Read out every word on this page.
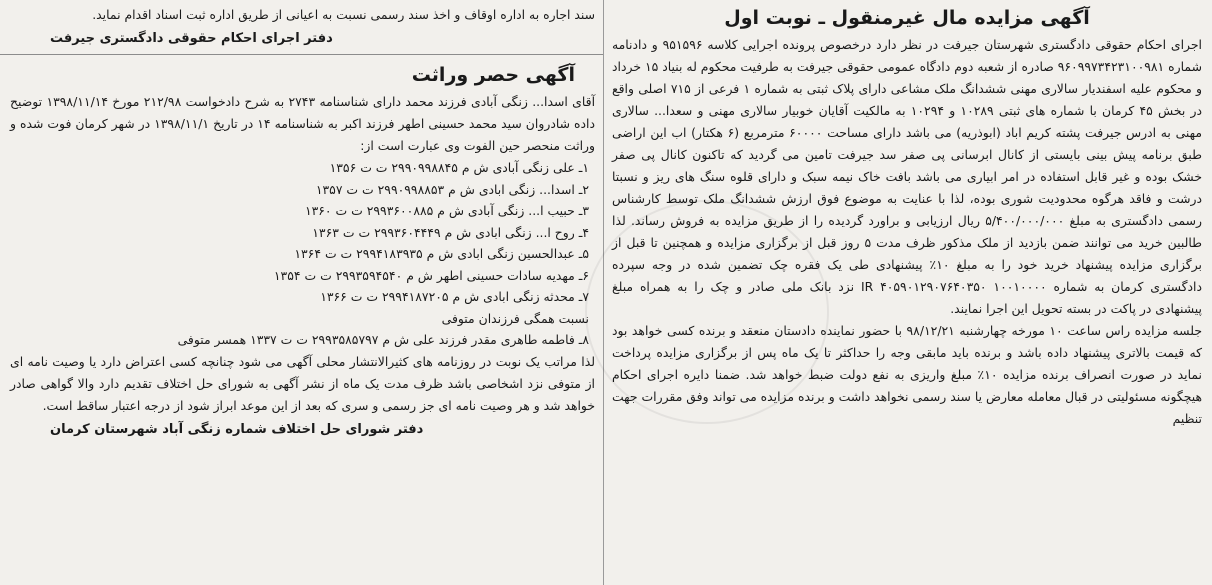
آگهی مزایده مال غیرمنقول ـ نوبت اول

اجرای احکام حقوقی دادگستری شهرستان جیرفت در نظر دارد درخصوص پرونده اجرایی کلاسه ۹۵۱۵۹۶ و دادنامه شماره ۹۶۰۹۹۷۳۴۲۳۱۰۰۹۸۱ صادره از شعبه دوم دادگاه عمومی حقوقی جیرفت به طرفیت محکوم له بنیاد ۱۵ خرداد و محکوم علیه اسفندیار سالاری مهنی ششدانگ ملک مشاعی دارای پلاک ثبتی به شماره ۱ فرعی از ۷۱۵ اصلی واقع در بخش ۴۵ کرمان با شماره های ثبتی ۱۰۲۸۹ و ۱۰۲۹۴ به مالکیت آقایان خوبیار سالاری مهنی و سعدا... سالاری مهنی به ادرس جیرفت پشته کریم اباد (ابوذریه) می باشد دارای مساحت ۶۰۰۰۰ مترمربع (۶ هکتار) اب این اراضی طبق برنامه پیش بینی بایستی از کانال ابرسانی پی صفر سد جیرفت تامین می گردید که تاکنون کانال پی صفر خشک بوده و غیر قابل استفاده در امر ابیاری می باشد بافت خاک نیمه سبک و دارای قلوه سنگ های ریز و نسبتا درشت و فاقد هرگوه محدودیت شوری بوده، لذا با عنایت به موضوع فوق ارزش ششدانگ ملک توسط کارشناس رسمی دادگستری به مبلغ ۵/۴۰۰/۰۰۰/۰۰۰ ریال ارزیابی و براورد گردیده را از طریق مزایده به فروش رساند. لذا طالبین خرید می توانند ضمن بازدید از ملک مذکور ظرف مدت ۵ روز قبل از برگزاری مزایده و همچنین تا قبل از برگزاری مزایده پیشنهاد خرید خود را به مبلغ ۱۰٪ پیشنهادی طی یک فقره چک تضمین شده در وجه سپرده دادگستری کرمان به شماره IR ۴۰۵۹۰۱۲۹۰۷۶۴۰۳۵۰ ۱۰۰۱۰۰۰۰ نزد بانک ملی صادر و چک را به همراه مبلغ پیشنهادی در پاکت در بسته تحویل این اجرا نمایند.

جلسه مزایده راس ساعت ۱۰ مورخه چهارشنبه ۹۸/۱۲/۲۱ با حضور نماینده دادستان منعقد و برنده کسی خواهد بود که قیمت بالاتری پیشنهاد داده باشد و برنده باید مابقی وجه را حداکثر تا یک ماه پس از برگزاری مزایده پرداخت نماید در صورت انصراف برنده مزایده ۱۰٪ مبلغ واریزی به نفع دولت ضبط خواهد شد. ضمنا دایره اجرای احکام هیچگونه مسئولیتی در قبال معامله معارض یا سند رسمی نخواهد داشت و برنده مزایده می تواند وفق مقررات جهت تنظیم

سند اجاره به اداره اوقاف و اخذ سند رسمی نسبت به اعیانی از طریق اداره ثبت اسناد اقدام نماید.

دفتر اجرای احکام حقوقی دادگستری جیرفت
آگهی حصر وراثت

آقای اسدا... زنگی آبادی فرزند محمد دارای شناسنامه ۲۷۴۳ به شرح دادخواست ۲۱۲/۹۸ مورخ ۱۳۹۸/۱۱/۱۴ توضیح داده شادروان سید محمد حسینی اطهر فرزند اکبر به شناسنامه ۱۴ در تاریخ ۱۳۹۸/۱۱/۱ در شهر کرمان فوت شده و وراثت منحصر حین الفوت وی عبارت است از:

۱ـ علی زنگی آبادی ش م ۲۹۹۰۹۹۸۸۴۵ ت ت ۱۳۵۶
۲ـ اسدا... زنگی ابادی ش م ۲۹۹۰۹۹۸۸۵۳ ت ت ۱۳۵۷
۳ـ حبیب ا... زنگی آبادی ش م ۲۹۹۳۶۰۰۸۸۵ ت ت ۱۳۶۰
۴ـ روح ا... زنگی ابادی ش م ۲۹۹۳۶۰۴۴۴۹ ت ت ۱۳۶۳
۵ـ عبدالحسین زنگی ابادی ش م ۲۹۹۴۱۸۳۹۳۵ ت ت ۱۳۶۴
۶ـ مهدیه سادات حسینی اطهر ش م ۲۹۹۳۵۹۴۵۴۰ ت ت ۱۳۵۴
۷ـ محدثه زنگی ابادی ش م ۲۹۹۴۱۸۷۲۰۵ ت ت ۱۳۶۶
نسبت همگی فرزندان متوفی
۸ـ فاطمه طاهری مقدر فرزند علی ش م ۲۹۹۳۵۸۵۷۹۷ ت ت ۱۳۳۷ همسر متوفی

لذا مراتب یک نوبت در روزنامه های کثیرالانتشار محلی آگهی می شود چنانچه کسی اعتراض دارد یا وصیت نامه ای از متوفی نزد اشخاصی باشد ظرف مدت یک ماه از نشر آگهی به شورای حل اختلاف تقدیم دارد والا گواهی صادر خواهد شد و هر وصیت نامه ای جز رسمی و سری که بعد از این موعد ابراز شود از درجه اعتبار ساقط است.

دفتر شورای حل اختلاف شماره زنگی آباد شهرستان کرمان
